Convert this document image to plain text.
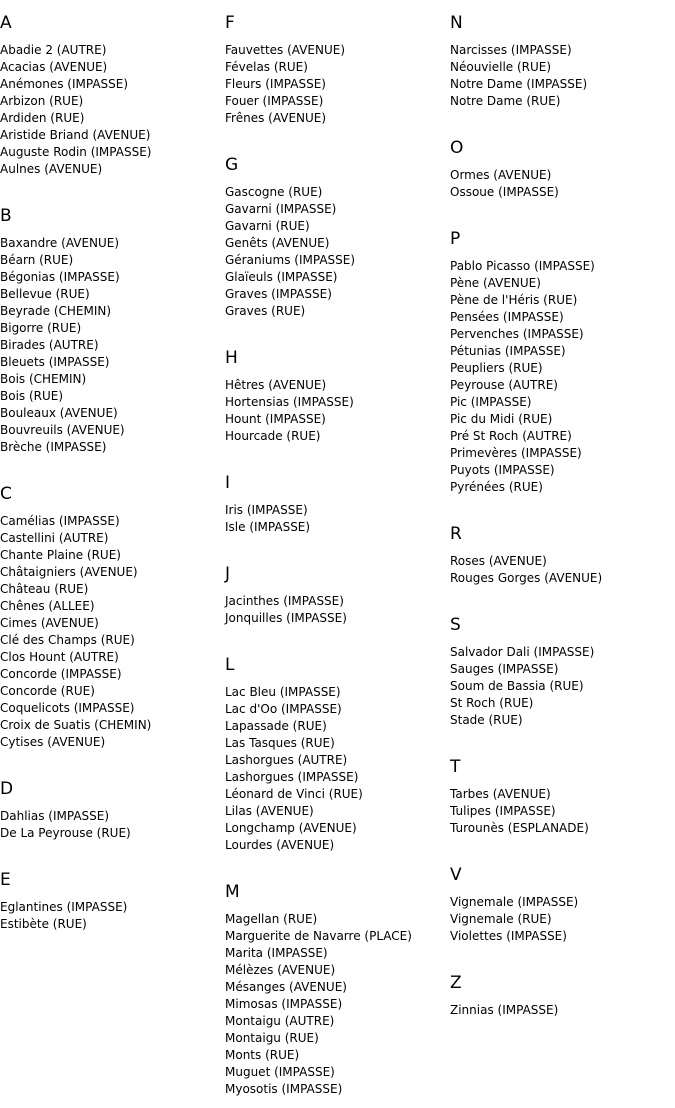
A
Abadie 2 (AUTRE)
Acacias (AVENUE)
Anémones (IMPASSE)
Arbizon (RUE)
Ardiden (RUE)
Aristide Briand (AVENUE)
Auguste Rodin (IMPASSE)
Aulnes (AVENUE)
B
Baxandre (AVENUE)
Béarn (RUE)
Bégonias (IMPASSE)
Bellevue (RUE)
Beyrade (CHEMIN)
Bigorre (RUE)
Birades (AUTRE)
Bleuets (IMPASSE)
Bois (CHEMIN)
Bois (RUE)
Bouleaux (AVENUE)
Bouvreuils (AVENUE)
Brèche (IMPASSE)
C
Camélias (IMPASSE)
Castellini (AUTRE)
Chante Plaine (RUE)
Châtaigniers (AVENUE)
Château (RUE)
Chênes (ALLEE)
Cimes (AVENUE)
Clé des Champs (RUE)
Clos Hount (AUTRE)
Concorde (IMPASSE)
Concorde (RUE)
Coquelicots (IMPASSE)
Croix de Suatis (CHEMIN)
Cytises (AVENUE)
D
Dahlias (IMPASSE)
De La Peyrouse (RUE)
E
Eglantines (IMPASSE)
Estibète (RUE)
F
Fauvettes (AVENUE)
Févelas (RUE)
Fleurs (IMPASSE)
Fouer (IMPASSE)
Frênes (AVENUE)
G
Gascogne (RUE)
Gavarni (IMPASSE)
Gavarni (RUE)
Genêts (AVENUE)
Géraniums (IMPASSE)
Glaïeuls (IMPASSE)
Graves (IMPASSE)
Graves (RUE)
H
Hêtres (AVENUE)
Hortensias (IMPASSE)
Hount (IMPASSE)
Hourcade (RUE)
I
Iris (IMPASSE)
Isle (IMPASSE)
J
Jacinthes (IMPASSE)
Jonquilles (IMPASSE)
L
Lac Bleu (IMPASSE)
Lac d'Oo (IMPASSE)
Lapassade (RUE)
Las Tasques (RUE)
Lashorgues (AUTRE)
Lashorgues (IMPASSE)
Léonard de Vinci (RUE)
Lilas (AVENUE)
Longchamp (AVENUE)
Lourdes (AVENUE)
M
Magellan (RUE)
Marguerite de Navarre (PLACE)
Marita (IMPASSE)
Mélèzes (AVENUE)
Mésanges (AVENUE)
Mimosas (IMPASSE)
Montaigu (AUTRE)
Montaigu (RUE)
Monts (RUE)
Muguet (IMPASSE)
Myosotis (IMPASSE)
N
Narcisses (IMPASSE)
Néouvielle (RUE)
Notre Dame (IMPASSE)
Notre Dame (RUE)
O
Ormes (AVENUE)
Ossoue (IMPASSE)
P
Pablo Picasso (IMPASSE)
Pène (AVENUE)
Pène de l'Héris (RUE)
Pensées (IMPASSE)
Pervenches (IMPASSE)
Pétunias (IMPASSE)
Peupliers (RUE)
Peyrouse (AUTRE)
Pic (IMPASSE)
Pic du Midi (RUE)
Pré St Roch (AUTRE)
Primevères (IMPASSE)
Puyots (IMPASSE)
Pyrénées (RUE)
R
Roses (AVENUE)
Rouges Gorges (AVENUE)
S
Salvador Dali (IMPASSE)
Sauges (IMPASSE)
Soum de Bassia (RUE)
St Roch (RUE)
Stade (RUE)
T
Tarbes (AVENUE)
Tulipes (IMPASSE)
Turounès (ESPLANADE)
V
Vignemale (IMPASSE)
Vignemale (RUE)
Violettes (IMPASSE)
Z
Zinnias (IMPASSE)
